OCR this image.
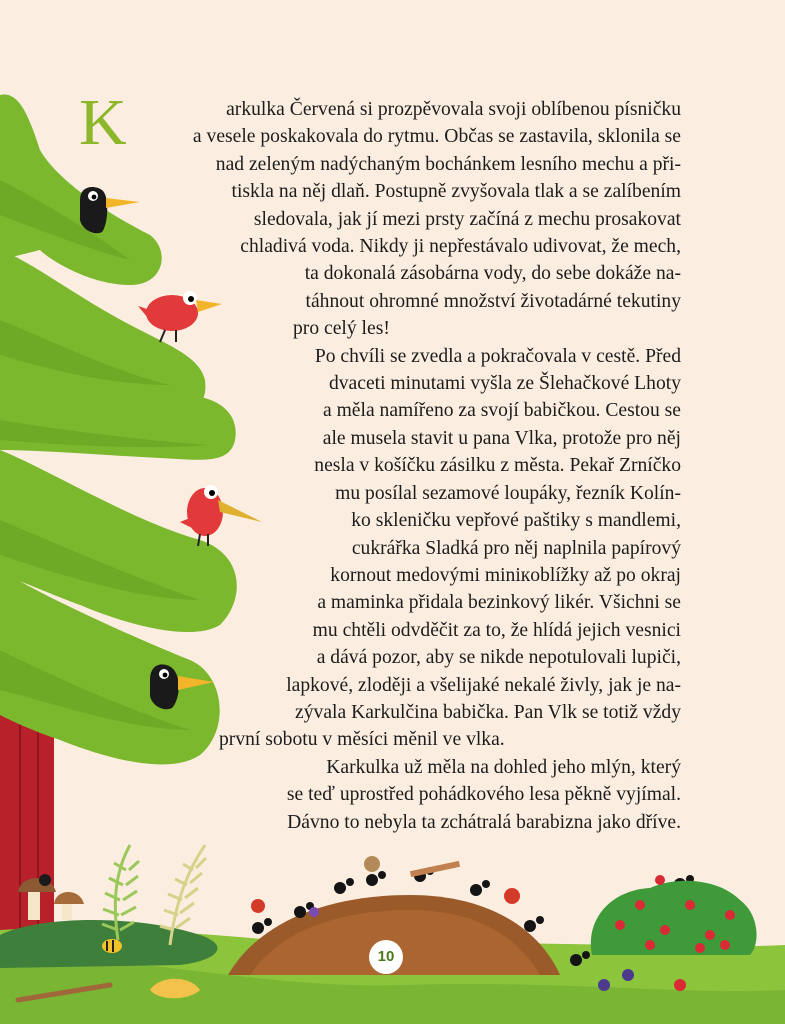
K	arkulka Červená si prozpěvovala svoji oblíbenou písničku
a vesele poskakovala do rytmu. Občas se zastavila, sklonila se
nad zeleným nadýchaným bochánkem lesního mechu a při-
tiskla na něj dlaň. Postupně zvyšovala tlak a se zalíbením
sledovala, jak jí mezi prsty začíná z mechu prosakovat
chladivá voda. Nikdy ji nepřestávalo udivovat, že mech,
ta dokonalá zásobárna vody, do sebe dokáže na-
táhnout ohromné množství životadárné tekutiny
pro celý les!
Po chvíli se zvedla a pokračovala v cestě. Před
dvaceti minutami vyšla ze Šlehačkové Lhoty
a měla namířeno za svojí babičkou. Cestou se
ale musela stavit u pana Vlka, protože pro něj
nesla v košíčku zásilku z města. Pekař Zrníčko
mu posílal sezamové loupáky, řezník Kolín-
ko skleničku vepřové paštiky s mandlemi,
cukrářka Sladká pro něj naplnila papírový
kornout medovými miniкoblížky až po okraj
a maminka přidala bezinkový likér. Všichni se
mu chtěli odvděčit za to, že hlídá jejich vesnici
a dává pozor, aby se nikde nepotulovali lupiči,
lapkové, zloději a všelijaké nekalé živly, jak je na-
zývala Karkulčina babička. Pan Vlk se totiž vždy
první sobotu v měsíci měnil ve vlka.
Karkulka už měla na dohled jeho mlýn, který
se teď uprostřed pohádkového lesa pěkně vyjímal.
Dávno to nebyla ta zchátralá barabizna jako dříve.
10
